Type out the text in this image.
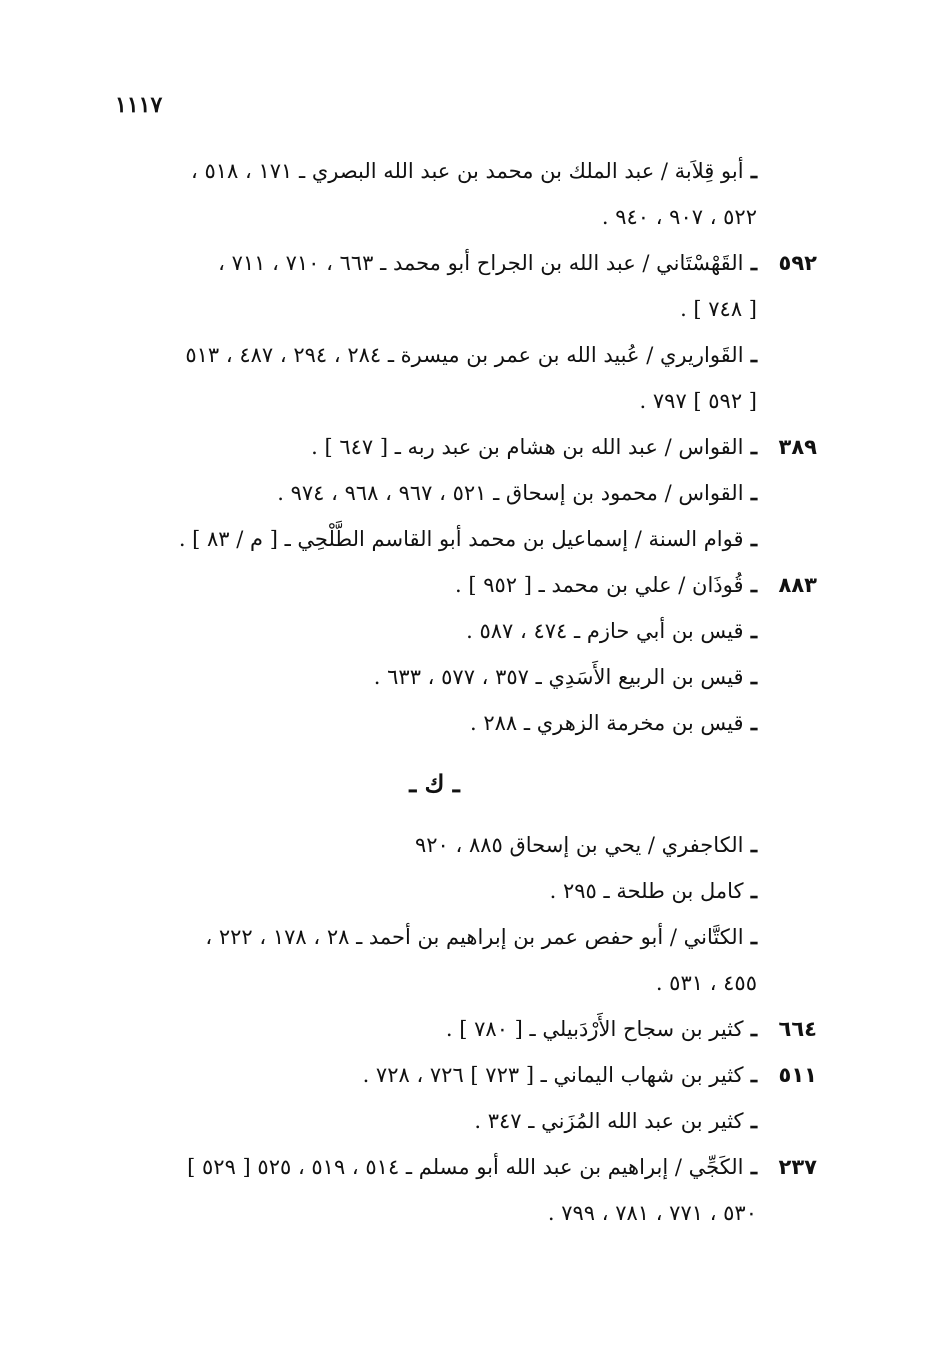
١١١٧
ـ أبو قِلاَبة / عبد الملك بن محمد بن عبد الله البصري ـ ١٧١ ، ٥١٨ ،
٥٢٢ ، ٩٠٧ ، ٩٤٠ .
٥٩٢
ـ القَهْسْتَاني / عبد الله بن الجراح أبو محمد ـ ٦٦٣ ، ٧١٠ ، ٧١١ ،
[ ٧٤٨ ] .
ـ القَواريري / عُبيد الله بن عمر بن ميسرة ـ ٢٨٤ ، ٢٩٤ ، ٤٨٧ ، ٥١٣
[ ٥٩٢ ] ٧٩٧ .
٣٨٩
ـ القواس / عبد الله بن هشام بن عبد ربه ـ [ ٦٤٧ ] .
ـ القواس / محمود بن إسحاق ـ ٥٢١ ، ٩٦٧ ، ٩٦٨ ، ٩٧٤ .
ـ قوام السنة / إسماعيل بن محمد أبو القاسم الطَّلْحِي ـ [ م / ٨٣ ] .
٨٨٣
ـ قُوذَان / علي بن محمد ـ [ ٩٥٢ ] .
ـ قيس بن أبي حازم ـ ٤٧٤ ، ٥٨٧ .
ـ قيس بن الربيع الأَسَدِي ـ ٣٥٧ ، ٥٧٧ ، ٦٣٣ .
ـ قيس بن مخرمة الزهري ـ ٢٨٨ .
ـ ك ـ
ـ الكاجفري / يحي بن إسحاق ٨٨٥ ، ٩٢٠
ـ كامل بن طلحة ـ ٢٩٥ .
ـ الكتَّاني / أبو حفص عمر بن إبراهيم بن أحمد ـ ٢٨ ، ١٧٨ ، ٢٢٢ ،
٤٥٥ ، ٥٣١ .
٦٦٤
ـ كثير بن سجاح الأَرْدَبيلي ـ [ ٧٨٠ ] .
٥١١
ـ كثير بن شهاب اليماني ـ [ ٧٢٣ ] ٧٢٦ ، ٧٢٨ .
ـ كثير بن عبد الله المُزَني ـ ٣٤٧ .
٢٣٧
ـ الكَجِّي / إبراهيم بن عبد الله أبو مسلم ـ ٥١٤ ، ٥١٩ ، ٥٢٥ [ ٥٢٩ ]
٥٣٠ ، ٧٧١ ، ٧٨١ ، ٧٩٩ .
